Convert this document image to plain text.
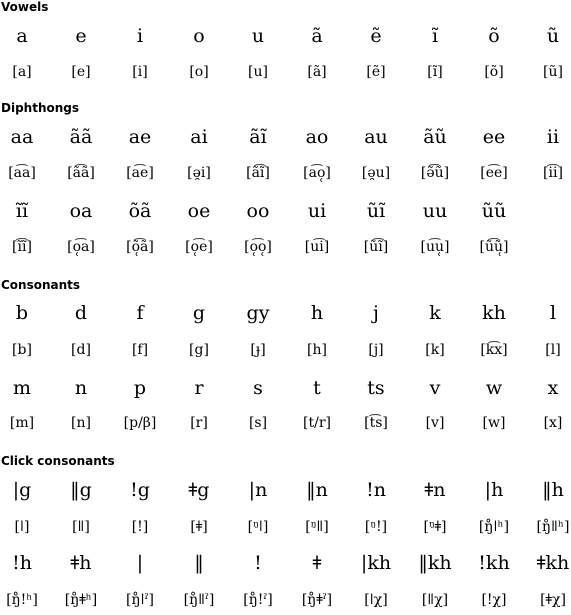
Vowels
a	e	i	o	u	ã	ẽ	ĩ	õ	ũ
[a]	[e]	[i]	[o]	[u]	[ã]	[ẽ]	[ĩ]	[õ]	[ũ]
Diphthongs
aa	ãã	ae	ai	ãĩ	ao	au	ãũ	ee	ii
[a͡a]	[ã͡ã]	[a͡e]	[ə̯i]	[ã͡ĩ]	[a͡o̜]	[ə̯u]	[ə̃͡ũ]	[e͡e]	[i͡i]
ĩĩ	oa	õã	oe	oo	ui	ũĩ	uu	ũũ
[ĩ͡ĩ]	[o̜͡a]	[õ̜͡ã]	[o̜͡e]	[o̜͡o̜]	[u͡i]	[ũ͡ĩ]	[u͡u̜]	[ũ͡ũ̜]
Consonants
b	d	f	g	gy	h	j	k	kh	l
[b]	[d]	[f]	[g]	[ɟ]	[h]	[j]	[k]	[k͡x]	[l]
m	n	p	r	s	t	ts	v	w	x
[m]	[n]	[p/β]	[r]	[s]	[t/r]	[t͡s]	[v]	[w]	[x]
Click consonants
|g	‖g	!g	ǂg	|n	‖n	!n	ǂn	|h	‖h
[ǀ]	[ǁ]	[!]	[ǂ]	[ᵑǀ]	[ᵑǁ]	[ᵑ!]	[ᵑǂ]	[ŋ̊ǀʰ]	[ŋ̊ǁʰ]
!h	ǂh	|	‖	!	ǂ	|kh	‖kh	!kh	ǂkh
[ŋ̊!ʰ]	[ŋ̊ǂʰ]	[ŋ̊ǀˀ]	[ŋ̊ǁˀ]	[ŋ̊!ˀ]	[ŋ̊ǂˀ]	[ǀχ]	[ǁχ]	[!χ]	[ǂχ]
